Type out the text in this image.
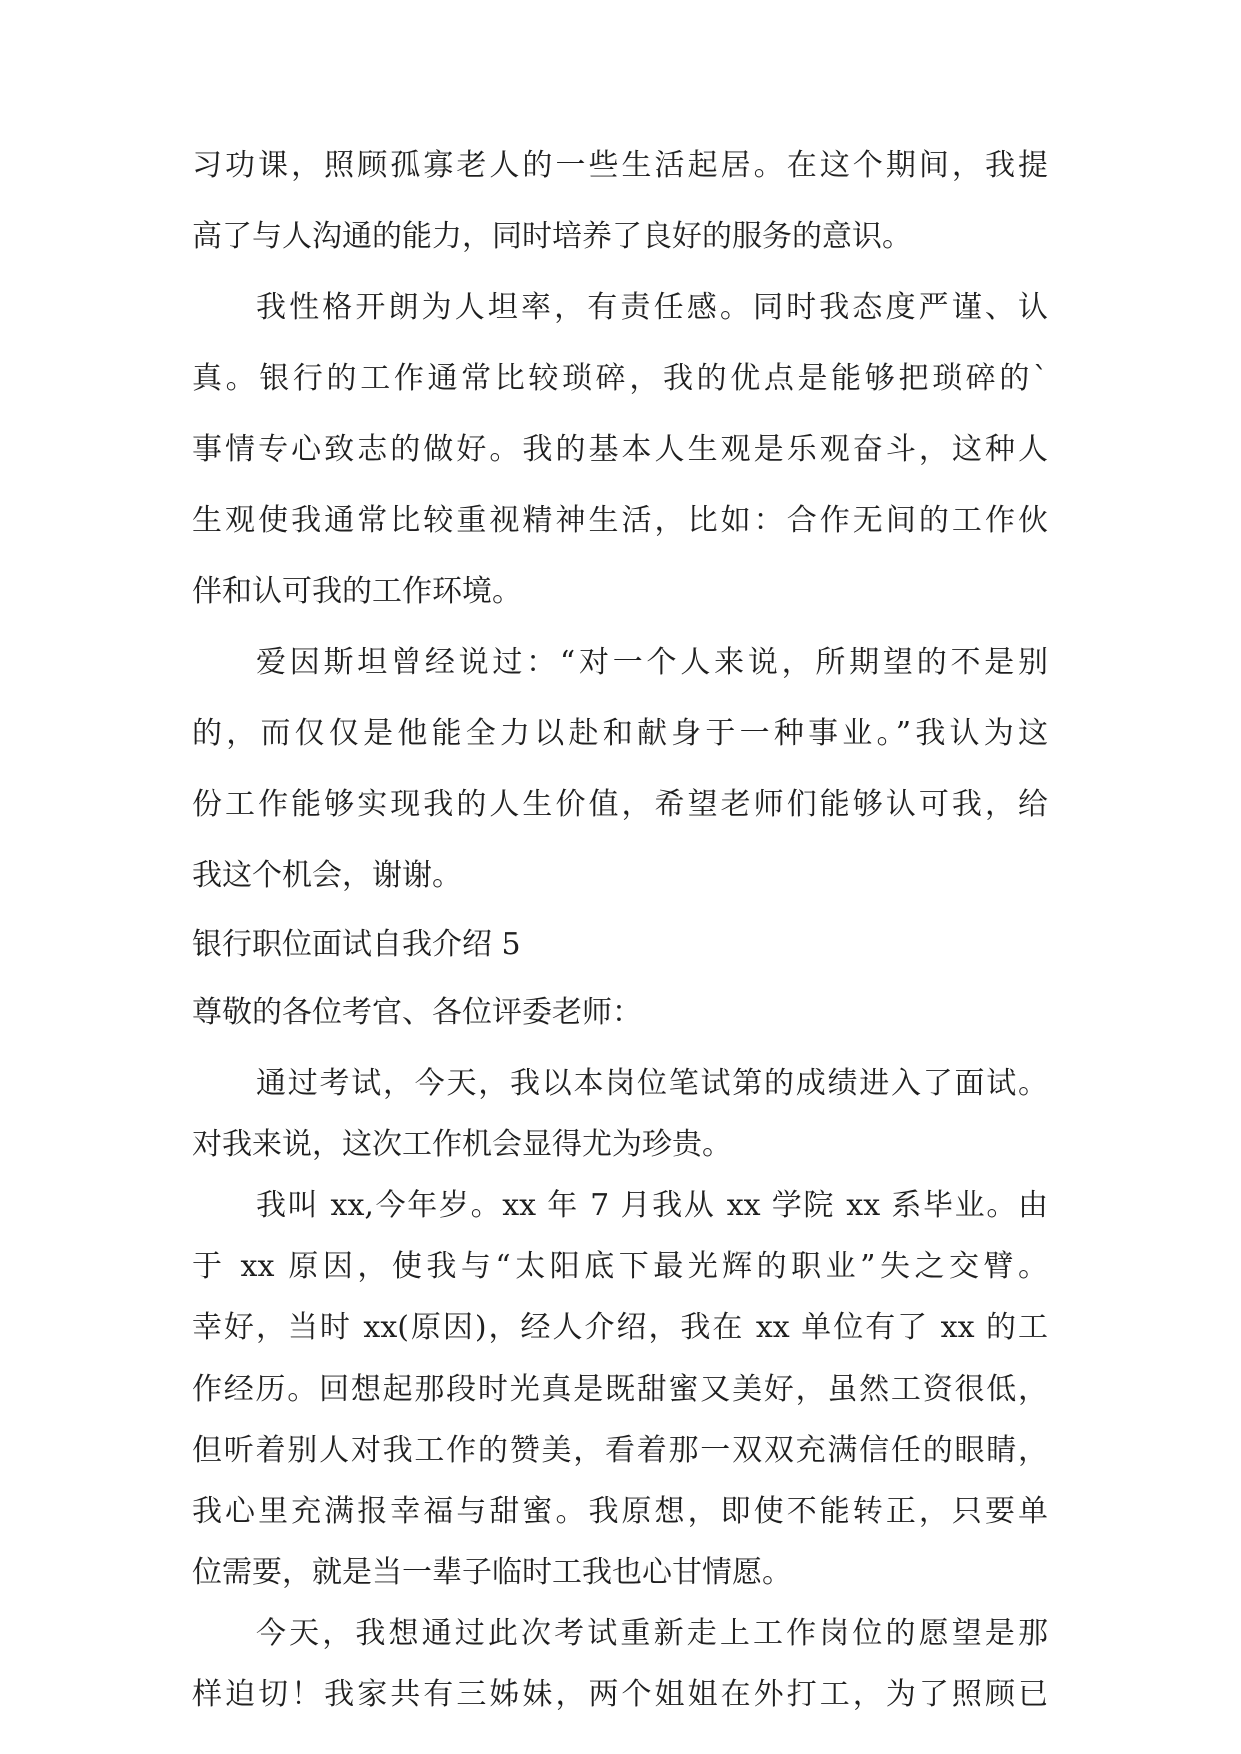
习功课，照顾孤寡老人的一些生活起居。在这个期间，我提

高了与人沟通的能力，同时培养了良好的服务的意识。

我性格开朗为人坦率，有责任感。同时我态度严谨、认

真。银行的工作通常比较琐碎，我的优点是能够把琐碎的`

事情专心致志的做好。我的基本人生观是乐观奋斗，这种人

生观使我通常比较重视精神生活，比如：合作无间的工作伙

伴和认可我的工作环境。

爱因斯坦曾经说过：“对一个人来说，所期望的不是别

的，而仅仅是他能全力以赴和献身于一种事业。”我认为这

份工作能够实现我的人生价值，希望老师们能够认可我，给

我这个机会，谢谢。

银行职位面试自我介绍 5

尊敬的各位考官、各位评委老师：

通过考试，今天，我以本岗位笔试第的成绩进入了面试。

对我来说，这次工作机会显得尤为珍贵。

我叫 xx,今年岁。xx 年 7 月我从 xx 学院 xx 系毕业。由

于 xx 原因，使我与“太阳底下最光辉的职业”失之交臂。

幸好，当时 xx(原因)，经人介绍，我在 xx 单位有了 xx 的工

作经历。回想起那段时光真是既甜蜜又美好，虽然工资很低，

但听着别人对我工作的赞美，看着那一双双充满信任的眼睛，

我心里充满报幸福与甜蜜。我原想，即使不能转正，只要单

位需要，就是当一辈子临时工我也心甘情愿。

今天，我想通过此次考试重新走上工作岗位的愿望是那

样迫切！我家共有三姊妹，两个姐姐在外打工，为了照顾已
